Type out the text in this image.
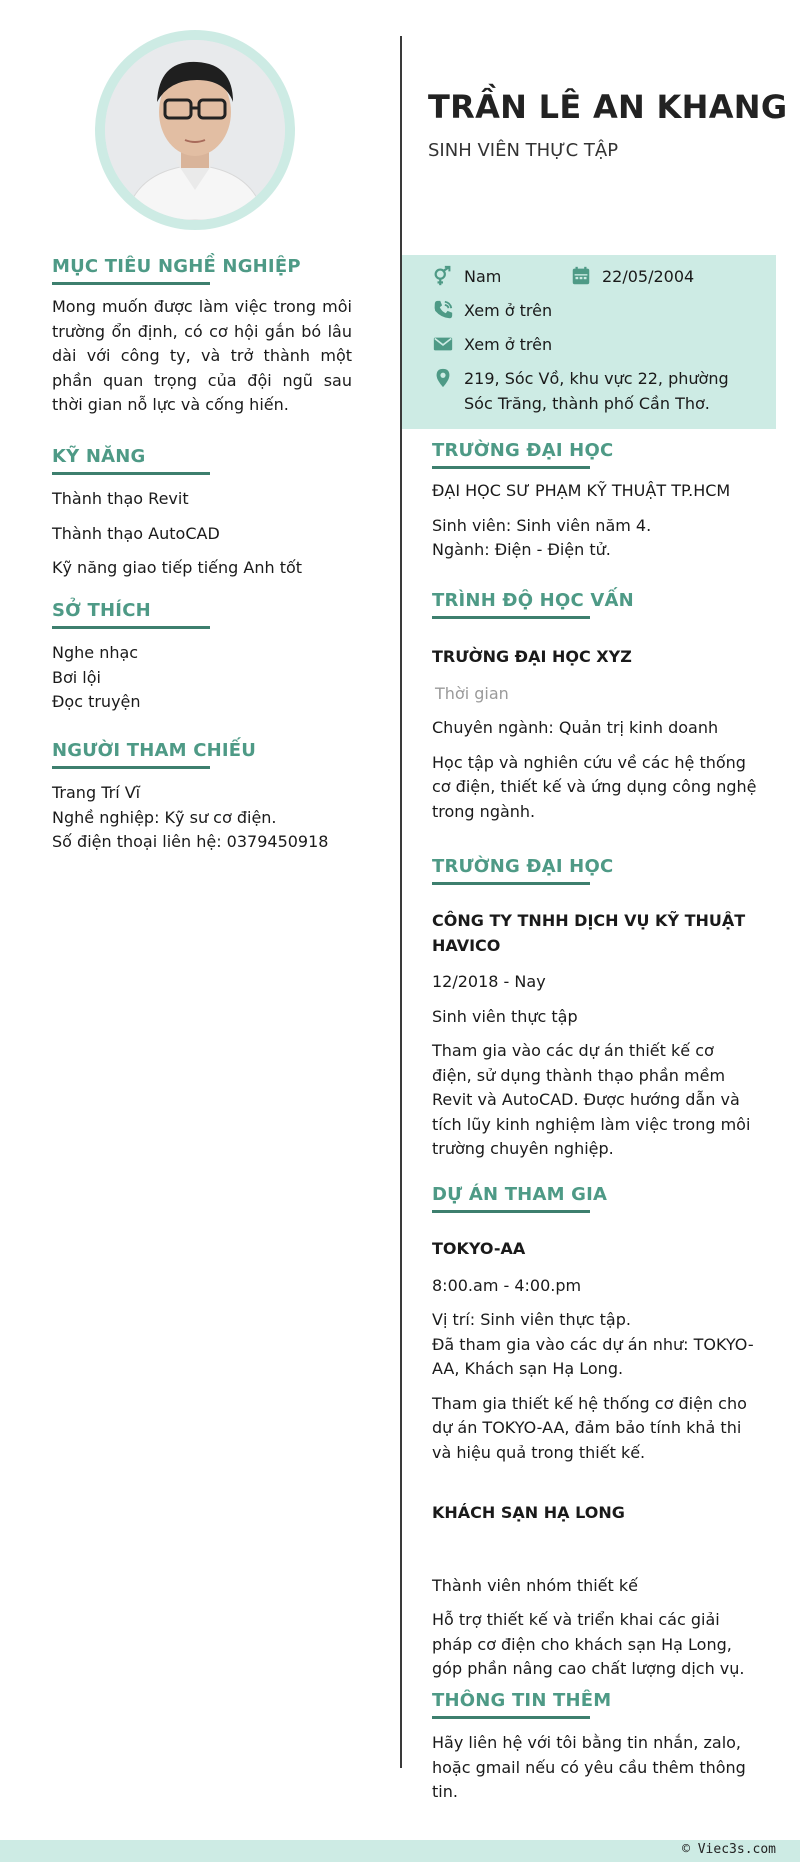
MỤC TIÊU NGHỀ NGHIỆP

Mong muốn được làm việc trong môi trường ổn định, có cơ hội gắn bó lâu dài với công ty, và trở thành một phần quan trọng của đội ngũ sau thời gian nỗ lực và cống hiến.

KỸ NĂNG

Thành thạo Revit

Thành thạo AutoCAD

Kỹ năng giao tiếp tiếng Anh tốt

SỞ THÍCH

Nghe nhạc

Bơi lội

Đọc truyện

NGƯỜI THAM CHIẾU

Trang Trí Vĩ

Nghề nghiệp: Kỹ sư cơ điện.

Số điện thoại liên hệ: 0379450918

TRẦN LÊ AN KHANG

SINH VIÊN THỰC TẬP

Nam	22/05/2004
Xem ở trên
Xem ở trên
219, Sóc Vồ, khu vực 22, phường Sóc Trăng, thành phố Cần Thơ.
TRƯỜNG ĐẠI HỌC

ĐẠI HỌC SƯ PHẠM KỸ THUẬT TP.HCM

Sinh viên: Sinh viên năm 4.

Ngành: Điện - Điện tử.

TRÌNH ĐỘ HỌC VẤN

TRƯỜNG ĐẠI HỌC XYZ

Thời gian

Chuyên ngành: Quản trị kinh doanh

Học tập và nghiên cứu về các hệ thống cơ điện, thiết kế và ứng dụng công nghệ trong ngành.

TRƯỜNG ĐẠI HỌC

CÔNG TY TNHH DỊCH VỤ KỸ THUẬT HAVICO

12/2018 - Nay

Sinh viên thực tập

Tham gia vào các dự án thiết kế cơ điện, sử dụng thành thạo phần mềm Revit và AutoCAD. Được hướng dẫn và tích lũy kinh nghiệm làm việc trong môi trường chuyên nghiệp.

DỰ ÁN THAM GIA

TOKYO-AA

8:00.am - 4:00.pm

Vị trí: Sinh viên thực tập.

Đã tham gia vào các dự án như: TOKYO-AA, Khách sạn Hạ Long.

Tham gia thiết kế hệ thống cơ điện cho dự án TOKYO-AA, đảm bảo tính khả thi và hiệu quả trong thiết kế.

KHÁCH SẠN HẠ LONG

Thành viên nhóm thiết kế

Hỗ trợ thiết kế và triển khai các giải pháp cơ điện cho khách sạn Hạ Long, góp phần nâng cao chất lượng dịch vụ.

THÔNG TIN THÊM

Hãy liên hệ với tôi bằng tin nhắn, zalo, hoặc gmail nếu có yêu cầu thêm thông tin.

© Viec3s.com
